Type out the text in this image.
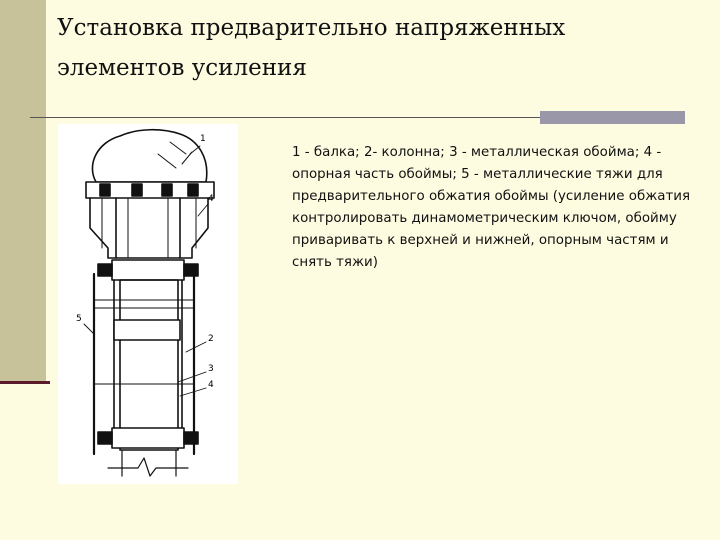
Установка предварительно напряженных элементов усиления
1
4
5
2
3
4

1 - балка; 2- колонна; 3 - металлическая обойма; 4 - опорная часть обоймы; 5 - металлические тяжи для предварительного обжатия обоймы (усиление обжатия контролировать динамометрическим ключом, обойму приваривать к верхней и нижней, опорным частям и снять тяжи)
